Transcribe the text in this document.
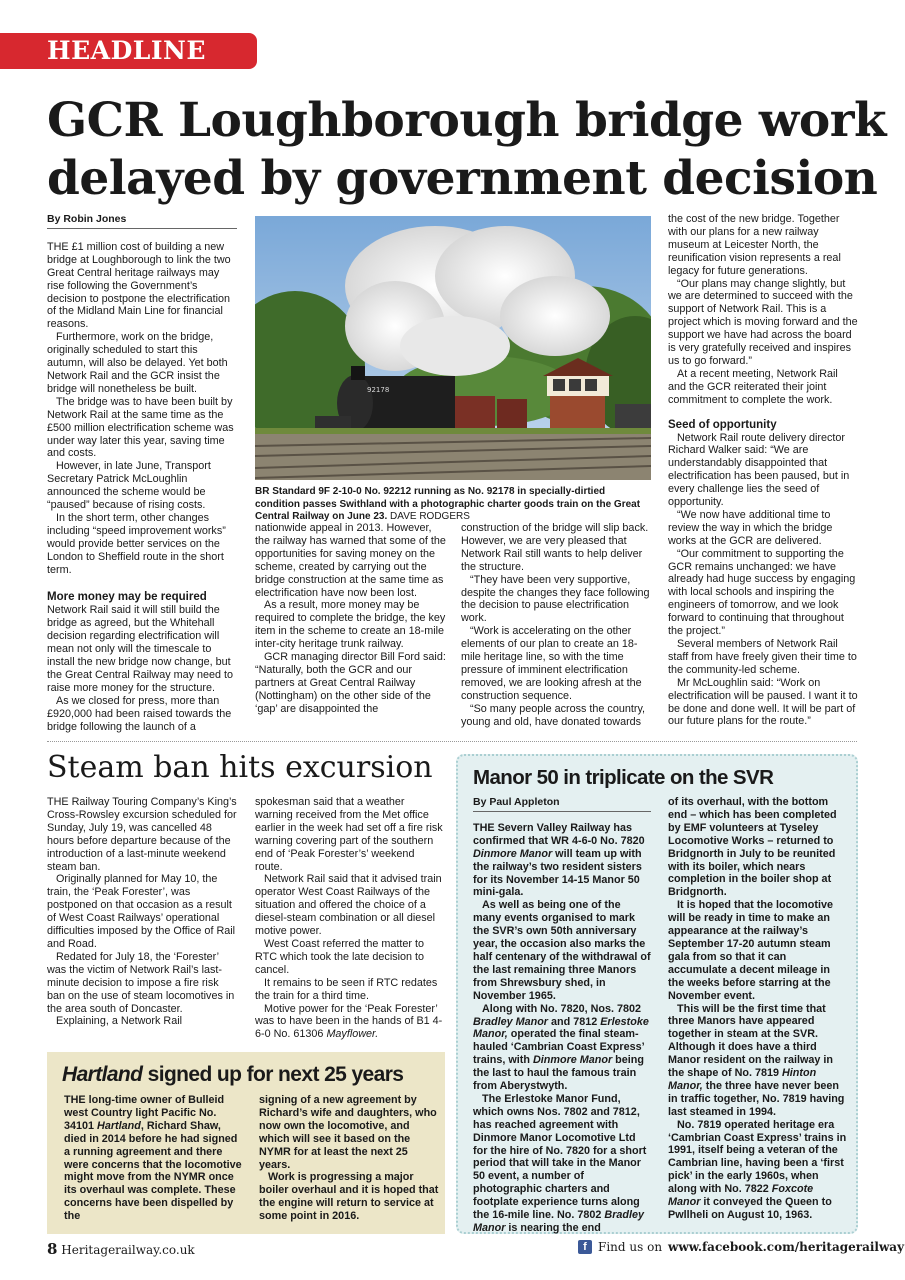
HEADLINE NEWS
GCR Loughborough bridge work delayed by government decision
By Robin Jones

THE £1 million cost of building a new bridge at Loughborough to link the two Great Central heritage railways may rise following the Government’s decision to postpone the electrification of the Midland Main Line for financial reasons.

Furthermore, work on the bridge, originally scheduled to start this autumn, will also be delayed. Yet both Network Rail and the GCR insist the bridge will nonetheless be built.

The bridge was to have been built by Network Rail at the same time as the £500 million electrification scheme was under way later this year, saving time and costs.

However, in late June, Transport Secretary Patrick McLoughlin announced the scheme would be “paused” because of rising costs.

In the short term, other changes including “speed improvement works” would provide better services on the London to Sheffield route in the short term.

More money may be required

Network Rail said it will still build the bridge as agreed, but the Whitehall decision regarding electrification will mean not only will the timescale to install the new bridge now change, but the Great Central Railway may need to raise more money for the structure.

As we closed for press, more than £920,000 had been raised towards the bridge following the launch of a

92178
BR Standard 9F 2-10-0 No. 92212 running as No. 92178 in specially-dirtied condition passes Swithland with a photographic charter goods train on the Great Central Railway on June 23. DAVE RODGERS

nationwide appeal in 2013. However, the railway has warned that some of the opportunities for saving money on the scheme, created by carrying out the bridge construction at the same time as electrification have now been lost.

As a result, more money may be required to complete the bridge, the key item in the scheme to create an 18-mile inter-city heritage trunk railway.

GCR managing director Bill Ford said: “Naturally, both the GCR and our partners at Great Central Railway (Nottingham) on the other side of the ‘gap’ are disappointed the

construction of the bridge will slip back. However, we are very pleased that Network Rail still wants to help deliver the structure.

“They have been very supportive, despite the changes they face following the decision to pause electrification work.

“Work is accelerating on the other elements of our plan to create an 18-mile heritage line, so with the time pressure of imminent electrification removed, we are looking afresh at the construction sequence.

“So many people across the country, young and old, have donated towards

the cost of the new bridge. Together with our plans for a new railway museum at Leicester North, the reunification vision represents a real legacy for future generations.

“Our plans may change slightly, but we are determined to succeed with the support of Network Rail. This is a project which is moving forward and the support we have had across the board is very gratefully received and inspires us to go forward.”

At a recent meeting, Network Rail and the GCR reiterated their joint commitment to complete the work.

Seed of opportunity

Network Rail route delivery director Richard Walker said: “We are understandably disappointed that electrification has been paused, but in every challenge lies the seed of opportunity.

“We now have additional time to review the way in which the bridge works at the GCR are delivered.

“Our commitment to supporting the GCR remains unchanged: we have already had huge success by engaging with local schools and inspiring the engineers of tomorrow, and we look forward to continuing that throughout the project.”

Several members of Network Rail staff from have freely given their time to the community-led scheme.

Mr McLoughlin said: “Work on electrification will be paused. I want it to be done and done well. It will be part of our future plans for the route.”

Steam ban hits excursion

THE Railway Touring Company’s King’s Cross-Rowsley excursion scheduled for Sunday, July 19, was cancelled 48 hours before departure because of the introduction of a last-minute weekend steam ban.

Originally planned for May 10, the train, the ‘Peak Forester’, was postponed on that occasion as a result of West Coast Railways’ operational difficulties imposed by the Office of Rail and Road.

Redated for July 18, the ‘Forester’ was the victim of Network Rail’s last-minute decision to impose a fire risk ban on the use of steam locomotives in the area south of Doncaster.

Explaining, a Network Rail

spokesman said that a weather warning received from the Met office earlier in the week had set off a fire risk warning covering part of the southern end of ‘Peak Forester’s’ weekend route.

Network Rail said that it advised train operator West Coast Railways of the situation and offered the choice of a diesel-steam combination or all diesel motive power.

West Coast referred the matter to RTC which took the late decision to cancel.

It remains to be seen if RTC redates the train for a third time.

Motive power for the ‘Peak Forester’ was to have been in the hands of B1 4-6-0 No. 61306 Mayflower.

Hartland signed up for next 25 years

THE long-time owner of Bulleid west Country light Pacific No. 34101 Hartland, Richard Shaw, died in 2014 before he had signed a running agreement and there were concerns that the locomotive might move from the NYMR once its overhaul was complete. These concerns have been dispelled by the

signing of a new agreement by Richard’s wife and daughters, who now own the locomotive, and which will see it based on the NYMR for at least the next 25 years.

Work is progressing a major boiler overhaul and it is hoped that the engine will return to service at some point in 2016.

Manor 50 in triplicate on the SVR
By Paul Appleton

THE Severn Valley Railway has confirmed that WR 4-6-0 No. 7820 Dinmore Manor will team up with the railway’s two resident sisters for its November 14-15 Manor 50 mini-gala.

As well as being one of the many events organised to mark the SVR’s own 50th anniversary year, the occasion also marks the half centenary of the withdrawal of the last remaining three Manors from Shrewsbury shed, in November 1965.

Along with No. 7820, Nos. 7802 Bradley Manor and 7812 Erlestoke Manor, operated the final steam-hauled ‘Cambrian Coast Express’ trains, with Dinmore Manor being the last to haul the famous train from Aberystwyth.

The Erlestoke Manor Fund, which owns Nos. 7802 and 7812, has reached agreement with Dinmore Manor Locomotive Ltd for the hire of No. 7820 for a short period that will take in the Manor 50 event, a number of photographic charters and footplate experience turns along the 16-mile line. No. 7802 Bradley Manor is nearing the end

of its overhaul, with the bottom end – which has been completed by EMF volunteers at Tyseley Locomotive Works – returned to Bridgnorth in July to be reunited with its boiler, which nears completion in the boiler shop at Bridgnorth.

It is hoped that the locomotive will be ready in time to make an appearance at the railway’s September 17-20 autumn steam gala from so that it can accumulate a decent mileage in the weeks before starring at the November event.

This will be the first time that three Manors have appeared together in steam at the SVR. Although it does have a third Manor resident on the railway in the shape of No. 7819 Hinton Manor, the three have never been in traffic together, No. 7819 having last steamed in 1994.

No. 7819 operated heritage era ‘Cambrian Coast Express’ trains in 1991, itself being a veteran of the Cambrian line, having been a ‘first pick’ in the early 1960s, when along with No. 7822 Foxcote Manor it conveyed the Queen to Pwllheli on August 10, 1963.

8 Heritagerailway.co.uk	f Find us on www.facebook.com/heritagerailway
